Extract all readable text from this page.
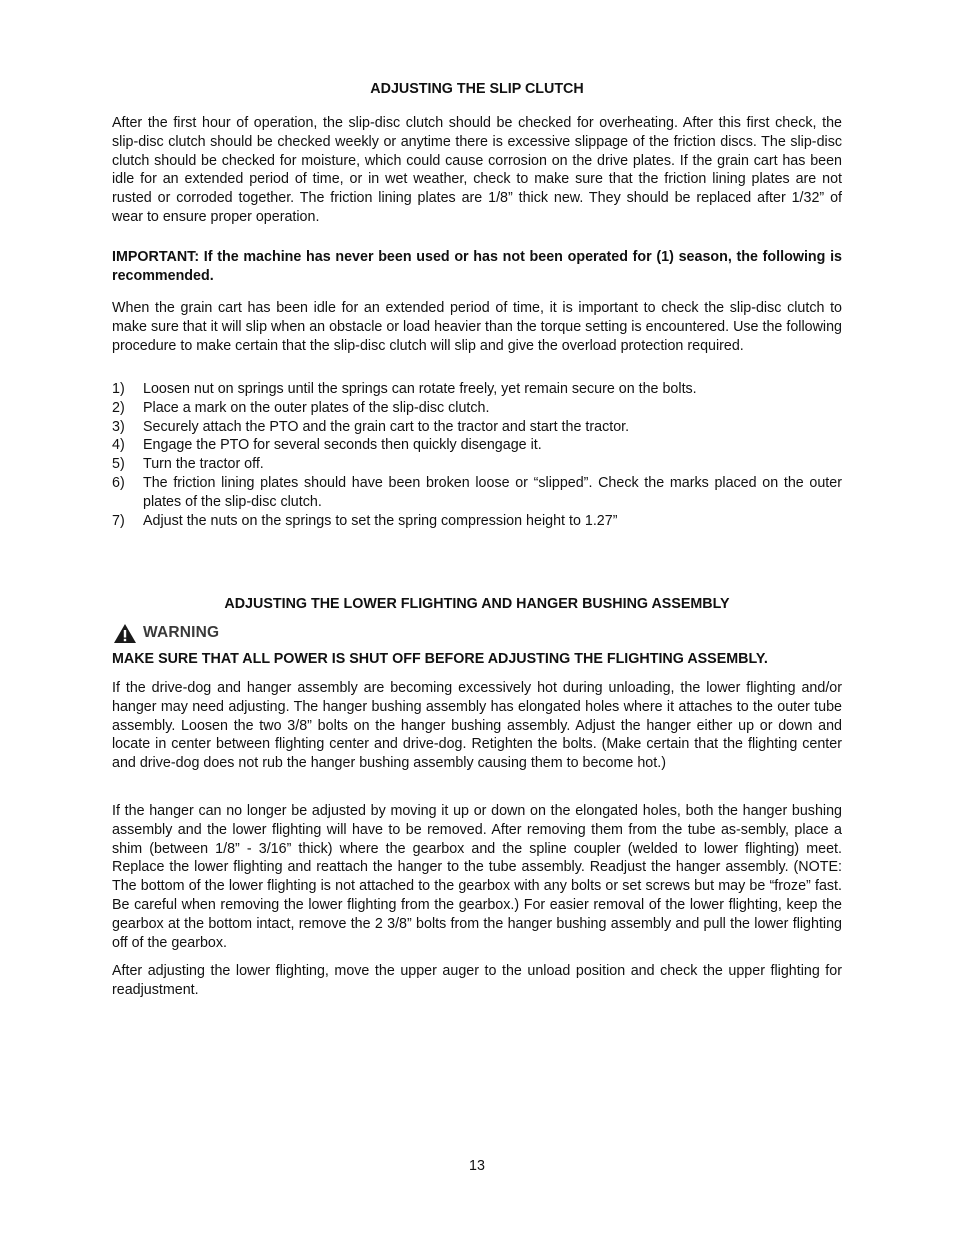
ADJUSTING THE SLIP CLUTCH

After the first hour of operation, the slip-disc clutch should be checked for overheating. After this first check, the slip-disc clutch should be checked weekly or anytime there is excessive slippage of the friction discs. The slip-disc clutch should be checked for moisture, which could cause corrosion on the drive plates. If the grain cart has been idle for an extended period of time, or in wet weather, check to make sure that the friction lining plates are not rusted or corroded together. The friction lining plates are 1/8” thick new. They should be replaced after 1/32” of wear to ensure proper operation.

IMPORTANT: If the machine has never been used or has not been operated for (1) season, the following is recommended.

When the grain cart has been idle for an extended period of time, it is important to check the slip-disc clutch to make sure that it will slip when an obstacle or load heavier than the torque setting is encountered. Use the following procedure to make certain that the slip-disc clutch will slip and give the overload protection required.

1)	Loosen nut on springs until the springs can rotate freely, yet remain secure on the bolts.
2)	Place a mark on the outer plates of the slip-disc clutch.
3)	Securely attach the PTO and the grain cart to the tractor and start the tractor.
4)	Engage the PTO for several seconds then quickly disengage it.
5)	Turn the tractor off.
6)	The friction lining plates should have been broken loose or “slipped”. Check the marks placed on the outer plates of the slip-disc clutch.
7)	Adjust the nuts on the springs to set the spring compression height to 1.27”
ADJUSTING THE LOWER FLIGHTING AND HANGER BUSHING ASSEMBLY
WARNING

MAKE SURE THAT ALL POWER IS SHUT OFF BEFORE ADJUSTING THE FLIGHTING ASSEMBLY.

If the drive-dog and hanger assembly are becoming excessively hot during unloading, the lower flighting and/or hanger may need adjusting. The hanger bushing assembly has elongated holes where it attaches to the outer tube assembly. Loosen the two 3/8” bolts on the hanger bushing assembly. Adjust the hanger either up or down and locate in center between flighting center and drive-dog. Retighten the bolts. (Make certain that the flighting center and drive-dog does not rub the hanger bushing assembly causing them to become hot.)

If the hanger can no longer be adjusted by moving it up or down on the elongated holes, both the hanger bushing assembly and the lower flighting will have to be removed. After removing them from the tube as-sembly, place a shim (between 1/8” - 3/16” thick) where the gearbox and the spline coupler (welded to lower flighting) meet. Replace the lower flighting and reattach the hanger to the tube assembly. Readjust the hanger assembly. (NOTE: The bottom of the lower flighting is not attached to the gearbox with any bolts or set screws but may be “froze” fast. Be careful when removing the lower flighting from the gearbox.) For easier removal of the lower flighting, keep the gearbox at the bottom intact, remove the 2 3/8” bolts from the hanger bushing assembly and pull the lower flighting off of the gearbox.

After adjusting the lower flighting, move the upper auger to the unload position and check the upper flighting for readjustment.

13
